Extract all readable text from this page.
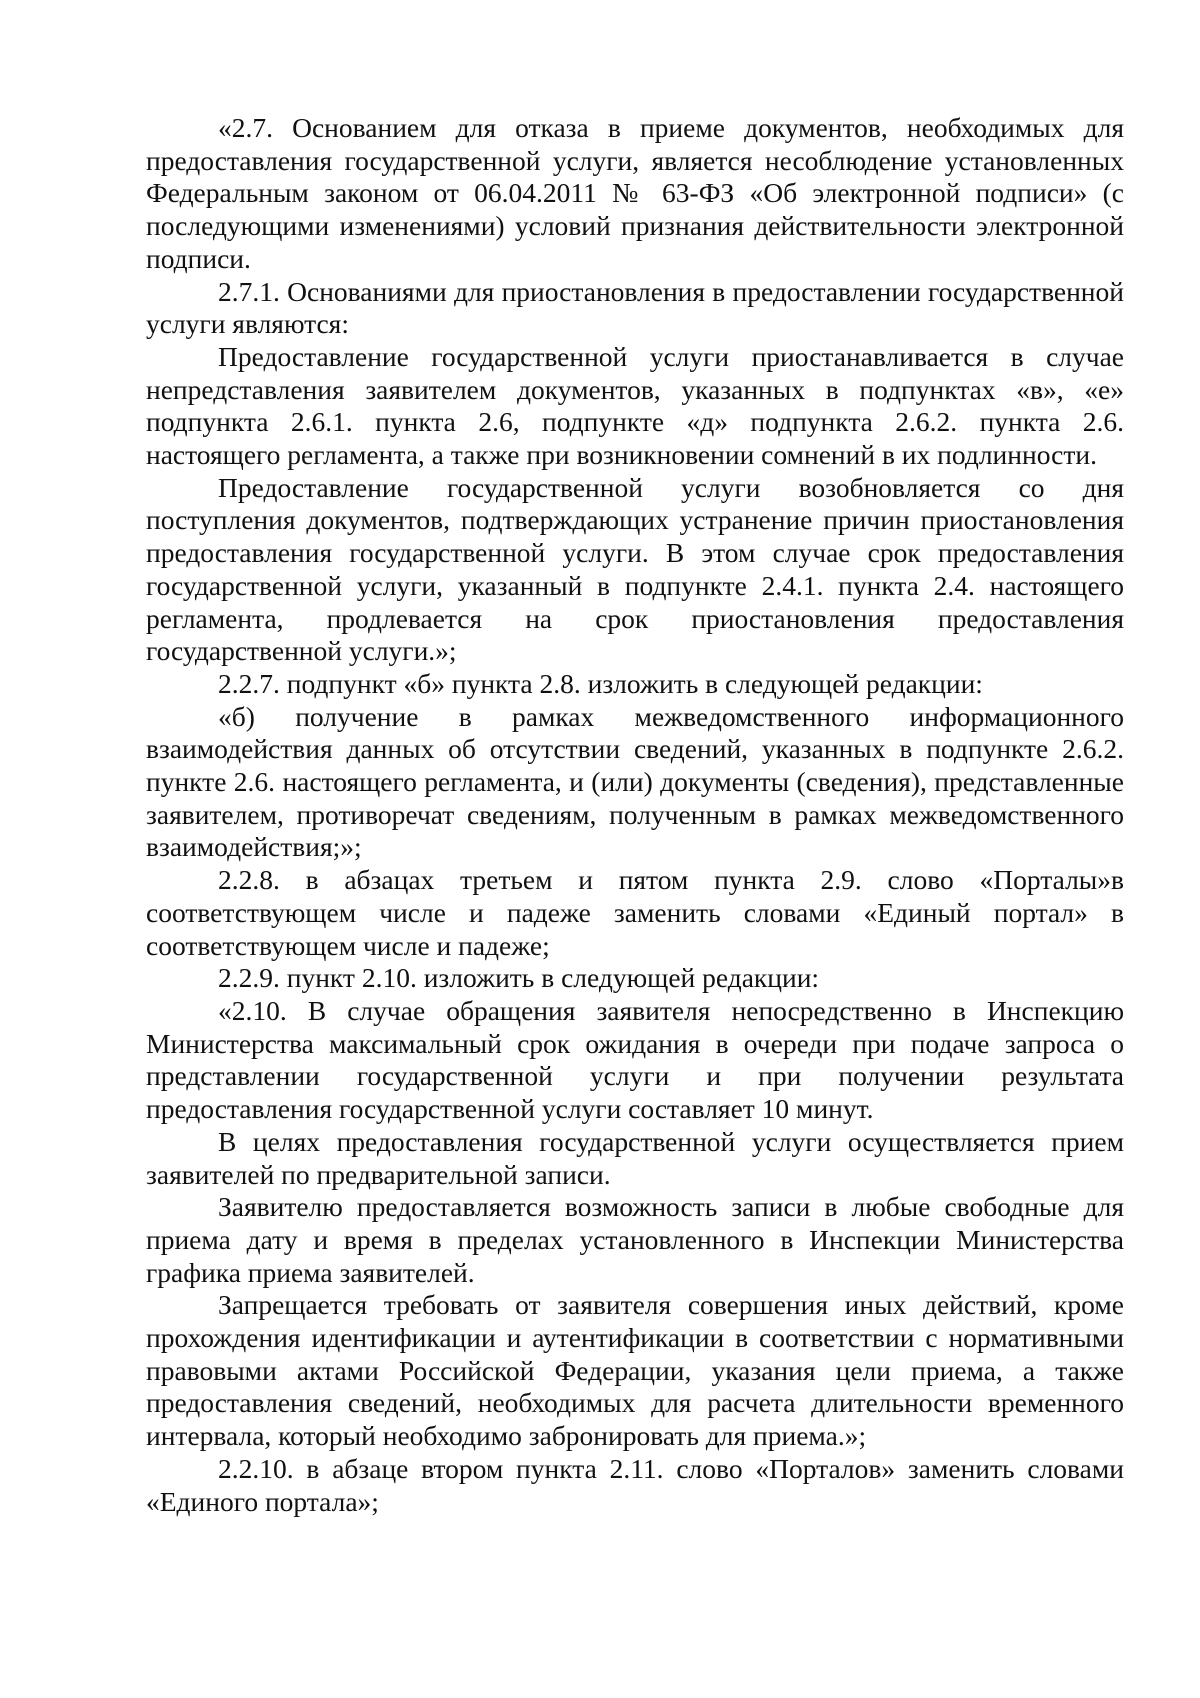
«2.7. Основанием для отказа в приеме документов, необходимых для предоставления государственной услуги, является несоблюдение установленных Федеральным законом от 06.04.2011 № 63-ФЗ «Об электронной подписи» (с последующими изменениями) условий признания действительности электронной подписи.

2.7.1. Основаниями для приостановления в предоставлении государственной услуги являются:

Предоставление государственной услуги приостанавливается в случае непредставления заявителем документов, указанных в подпунктах «в», «е» подпункта 2.6.1. пункта 2.6, подпункте «д» подпункта 2.6.2. пункта 2.6. настоящего регламента, а также при возникновении сомнений в их подлинности.

Предоставление государственной услуги возобновляется со дня поступления документов, подтверждающих устранение причин приостановления предоставления государственной услуги. В этом случае срок предоставления государственной услуги, указанный в подпункте 2.4.1. пункта 2.4. настоящего регламента, продлевается на срок приостановления предоставления государственной услуги.»;

2.2.7. подпункт «б» пункта 2.8. изложить в следующей редакции:

«б) получение в рамках межведомственного информационного взаимодействия данных об отсутствии сведений, указанных в подпункте 2.6.2. пункте 2.6. настоящего регламента, и (или) документы (сведения), представленные заявителем, противоречат сведениям, полученным в рамках межведомственного взаимодействия;»;

2.2.8. в абзацах третьем и пятом пункта 2.9. слово «Порталы»в соответствующем числе и падеже заменить словами «Единый портал» в соответствующем числе и падеже;

2.2.9. пункт 2.10. изложить в следующей редакции:

«2.10. В случае обращения заявителя непосредственно в Инспекцию Министерства максимальный срок ожидания в очереди при подаче запроса о представлении государственной услуги и при получении результата предоставления государственной услуги составляет 10 минут.

В целях предоставления государственной услуги осуществляется прием заявителей по предварительной записи.

Заявителю предоставляется возможность записи в любые свободные для приема дату и время в пределах установленного в Инспекции Министерства графика приема заявителей.

Запрещается требовать от заявителя совершения иных действий, кроме прохождения идентификации и аутентификации в соответствии с нормативными правовыми актами Российской Федерации, указания цели приема, а также предоставления сведений, необходимых для расчета длительности временного интервала, который необходимо забронировать для приема.»;

2.2.10. в абзаце втором пункта 2.11. слово «Порталов» заменить словами «Единого портала»;
